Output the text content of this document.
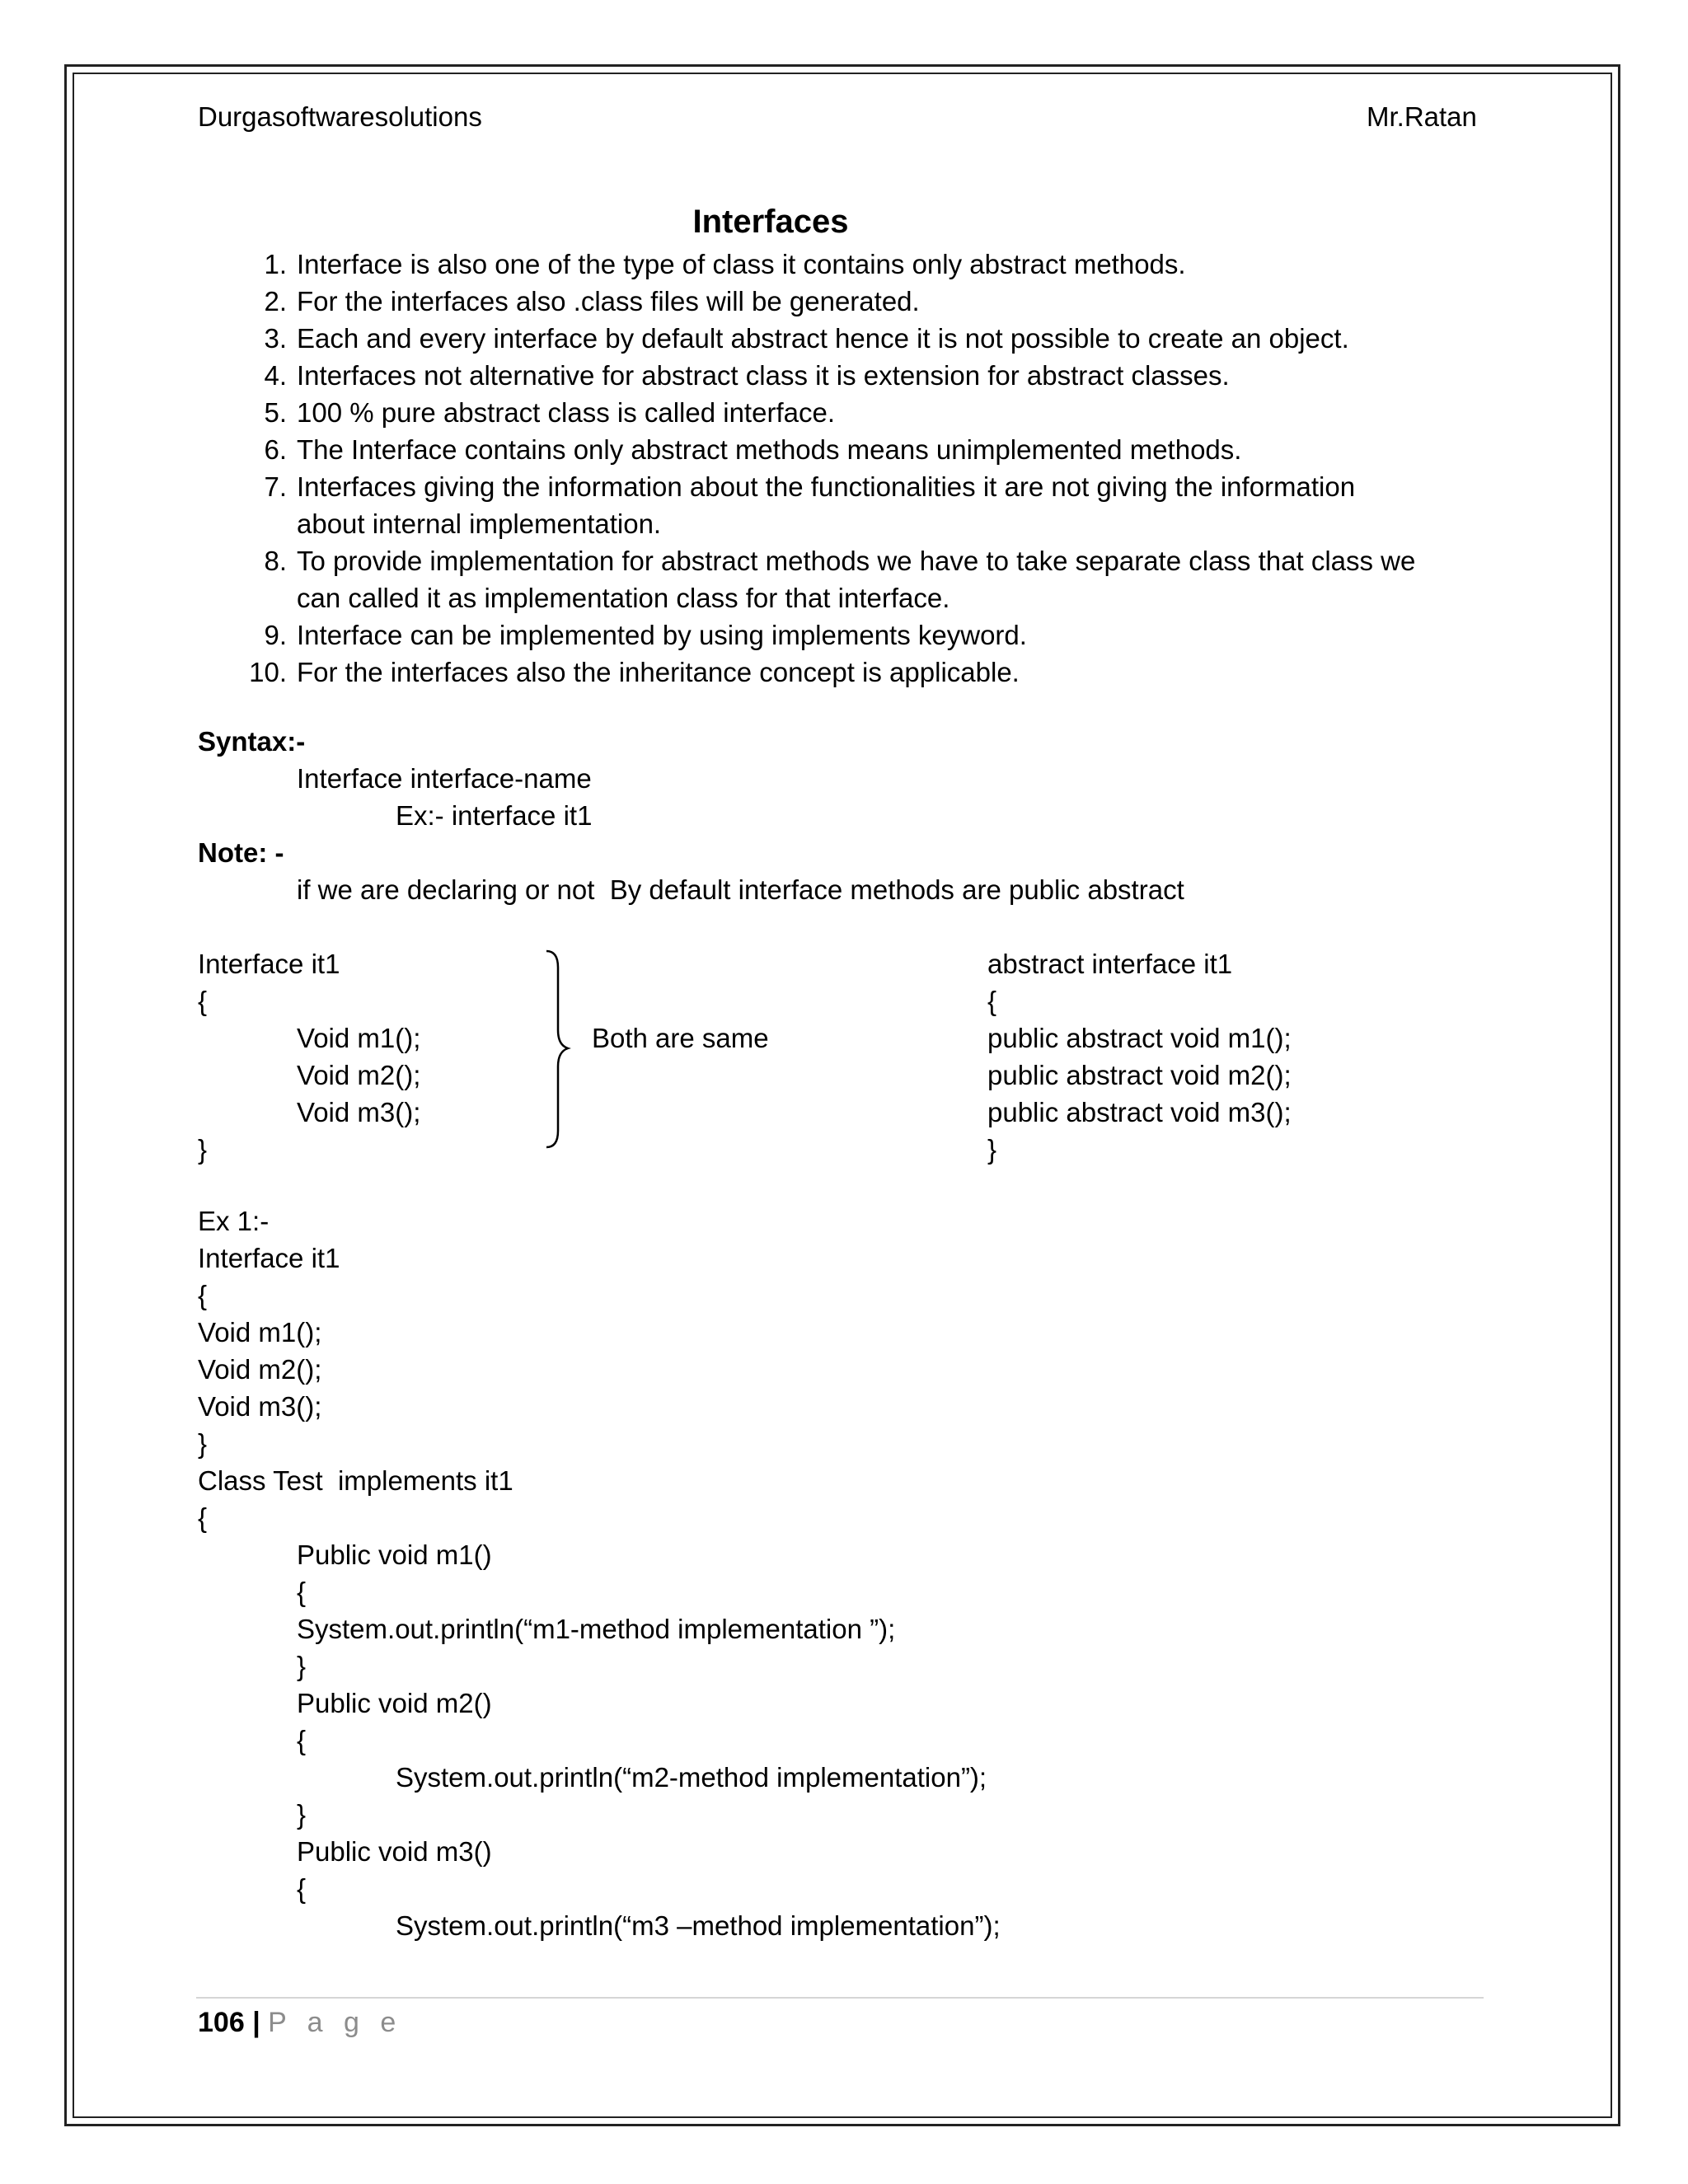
Durgasoftwaresolutions	Mr.Ratan
Interfaces
1. Interface is also one of the type of class it contains only abstract methods.
2. For the interfaces also .class files will be generated.
3. Each and every interface by default abstract hence it is not possible to create an object.
4. Interfaces not alternative for abstract class it is extension for abstract classes.
5. 100 % pure abstract class is called interface.
6. The Interface contains only abstract methods means unimplemented methods.
7. Interfaces giving the information about the functionalities it are not giving the information
about internal implementation.
8. To provide implementation for abstract methods we have to take separate class that class we
can called it as implementation class for that interface.
9. Interface can be implemented by using implements keyword.
10. For the interfaces also the inheritance concept is applicable.
Syntax:-
Interface interface-name
Ex:- interface it1
Note: -
if we are declaring or not  By default interface methods are public abstract
Interface it1
{
Void m1();
Void m2();
Void m3();
}
Both are same
abstract interface it1
{
public abstract void m1();
public abstract void m2();
public abstract void m3();
}
Ex 1:-
Interface it1
{
Void m1();
Void m2();
Void m3();
}
Class Test  implements it1
{
Public void m1()
{
System.out.println(“m1-method implementation ”);
}
Public void m2()
{
System.out.println(“m2-method implementation”);
}
Public void m3()
{
System.out.println(“m3 –method implementation”);
106 | P a g e
